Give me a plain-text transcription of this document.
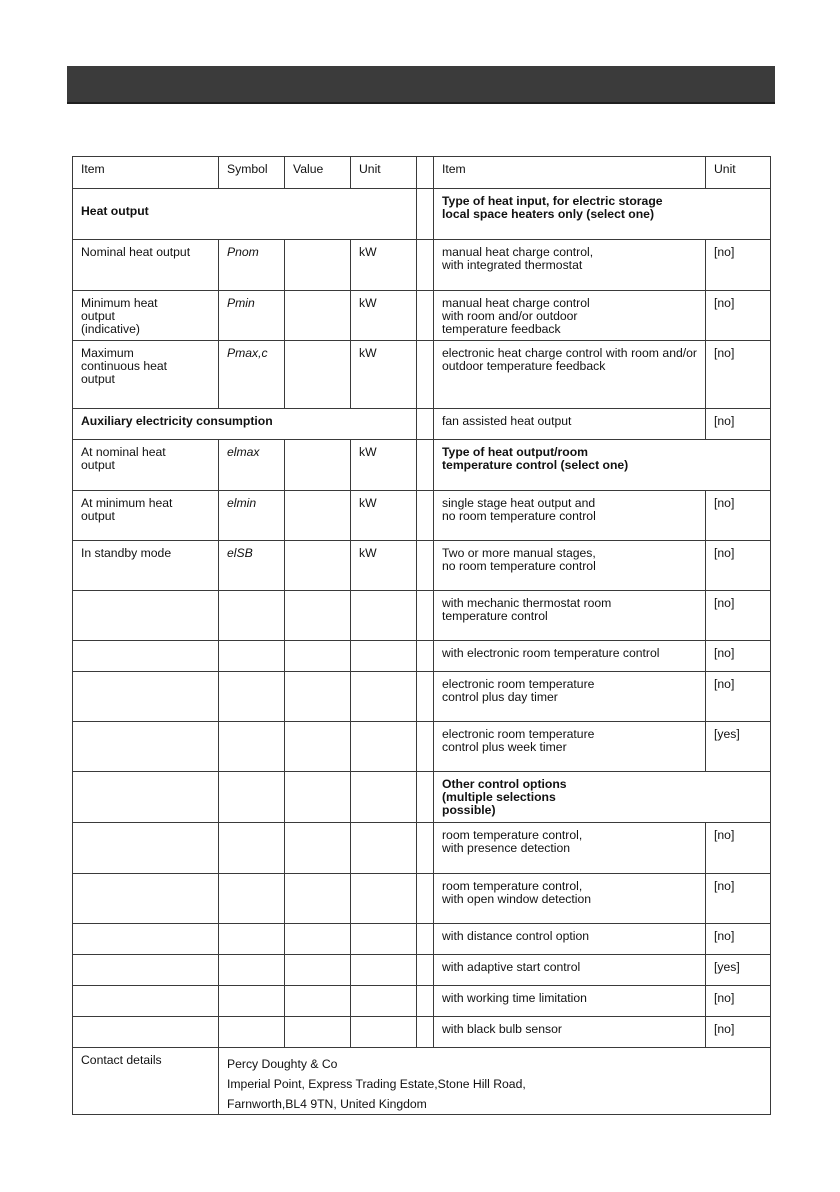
Item	Symbol	Value	Unit		Item	Unit
Heat output					Type of heat input, for electric storage
local space heaters only (select one)	
Nominal heat output	Pnom		kW		manual heat charge control,
with integrated thermostat	[no]
Minimum heat
output
(indicative)	Pmin		kW		manual heat charge control
with room and/or outdoor
temperature feedback	[no]
Maximum
continuous heat
output	Pmax,c		kW		electronic heat charge control with room and/or outdoor temperature feedback	[no]
Auxiliary electricity consumption					fan assisted heat output	[no]
At nominal heat
output	elmax		kW		Type of heat output/room
temperature control (select one)	
At minimum heat
output	elmin		kW		single stage heat output and
no room temperature control	[no]
In standby mode	elSB		kW		Two or more manual stages,
no room temperature control	[no]
					with mechanic thermostat room
temperature control	[no]
					with electronic room temperature control	[no]
					electronic room temperature
control plus day timer	[no]
					electronic room temperature
control plus week timer	[yes]
					Other control options
(multiple selections
possible)	
					room temperature control,
with presence detection	[no]
					room temperature control,
with open window detection	[no]
					with distance control option	[no]
					with adaptive start control	[yes]
					with working time limitation	[no]
					with black bulb sensor	[no]
Contact details	Percy Doughty & Co
Imperial Point, Express Trading Estate,Stone Hill Road,
Farnworth,BL4 9TN, United Kingdom					
